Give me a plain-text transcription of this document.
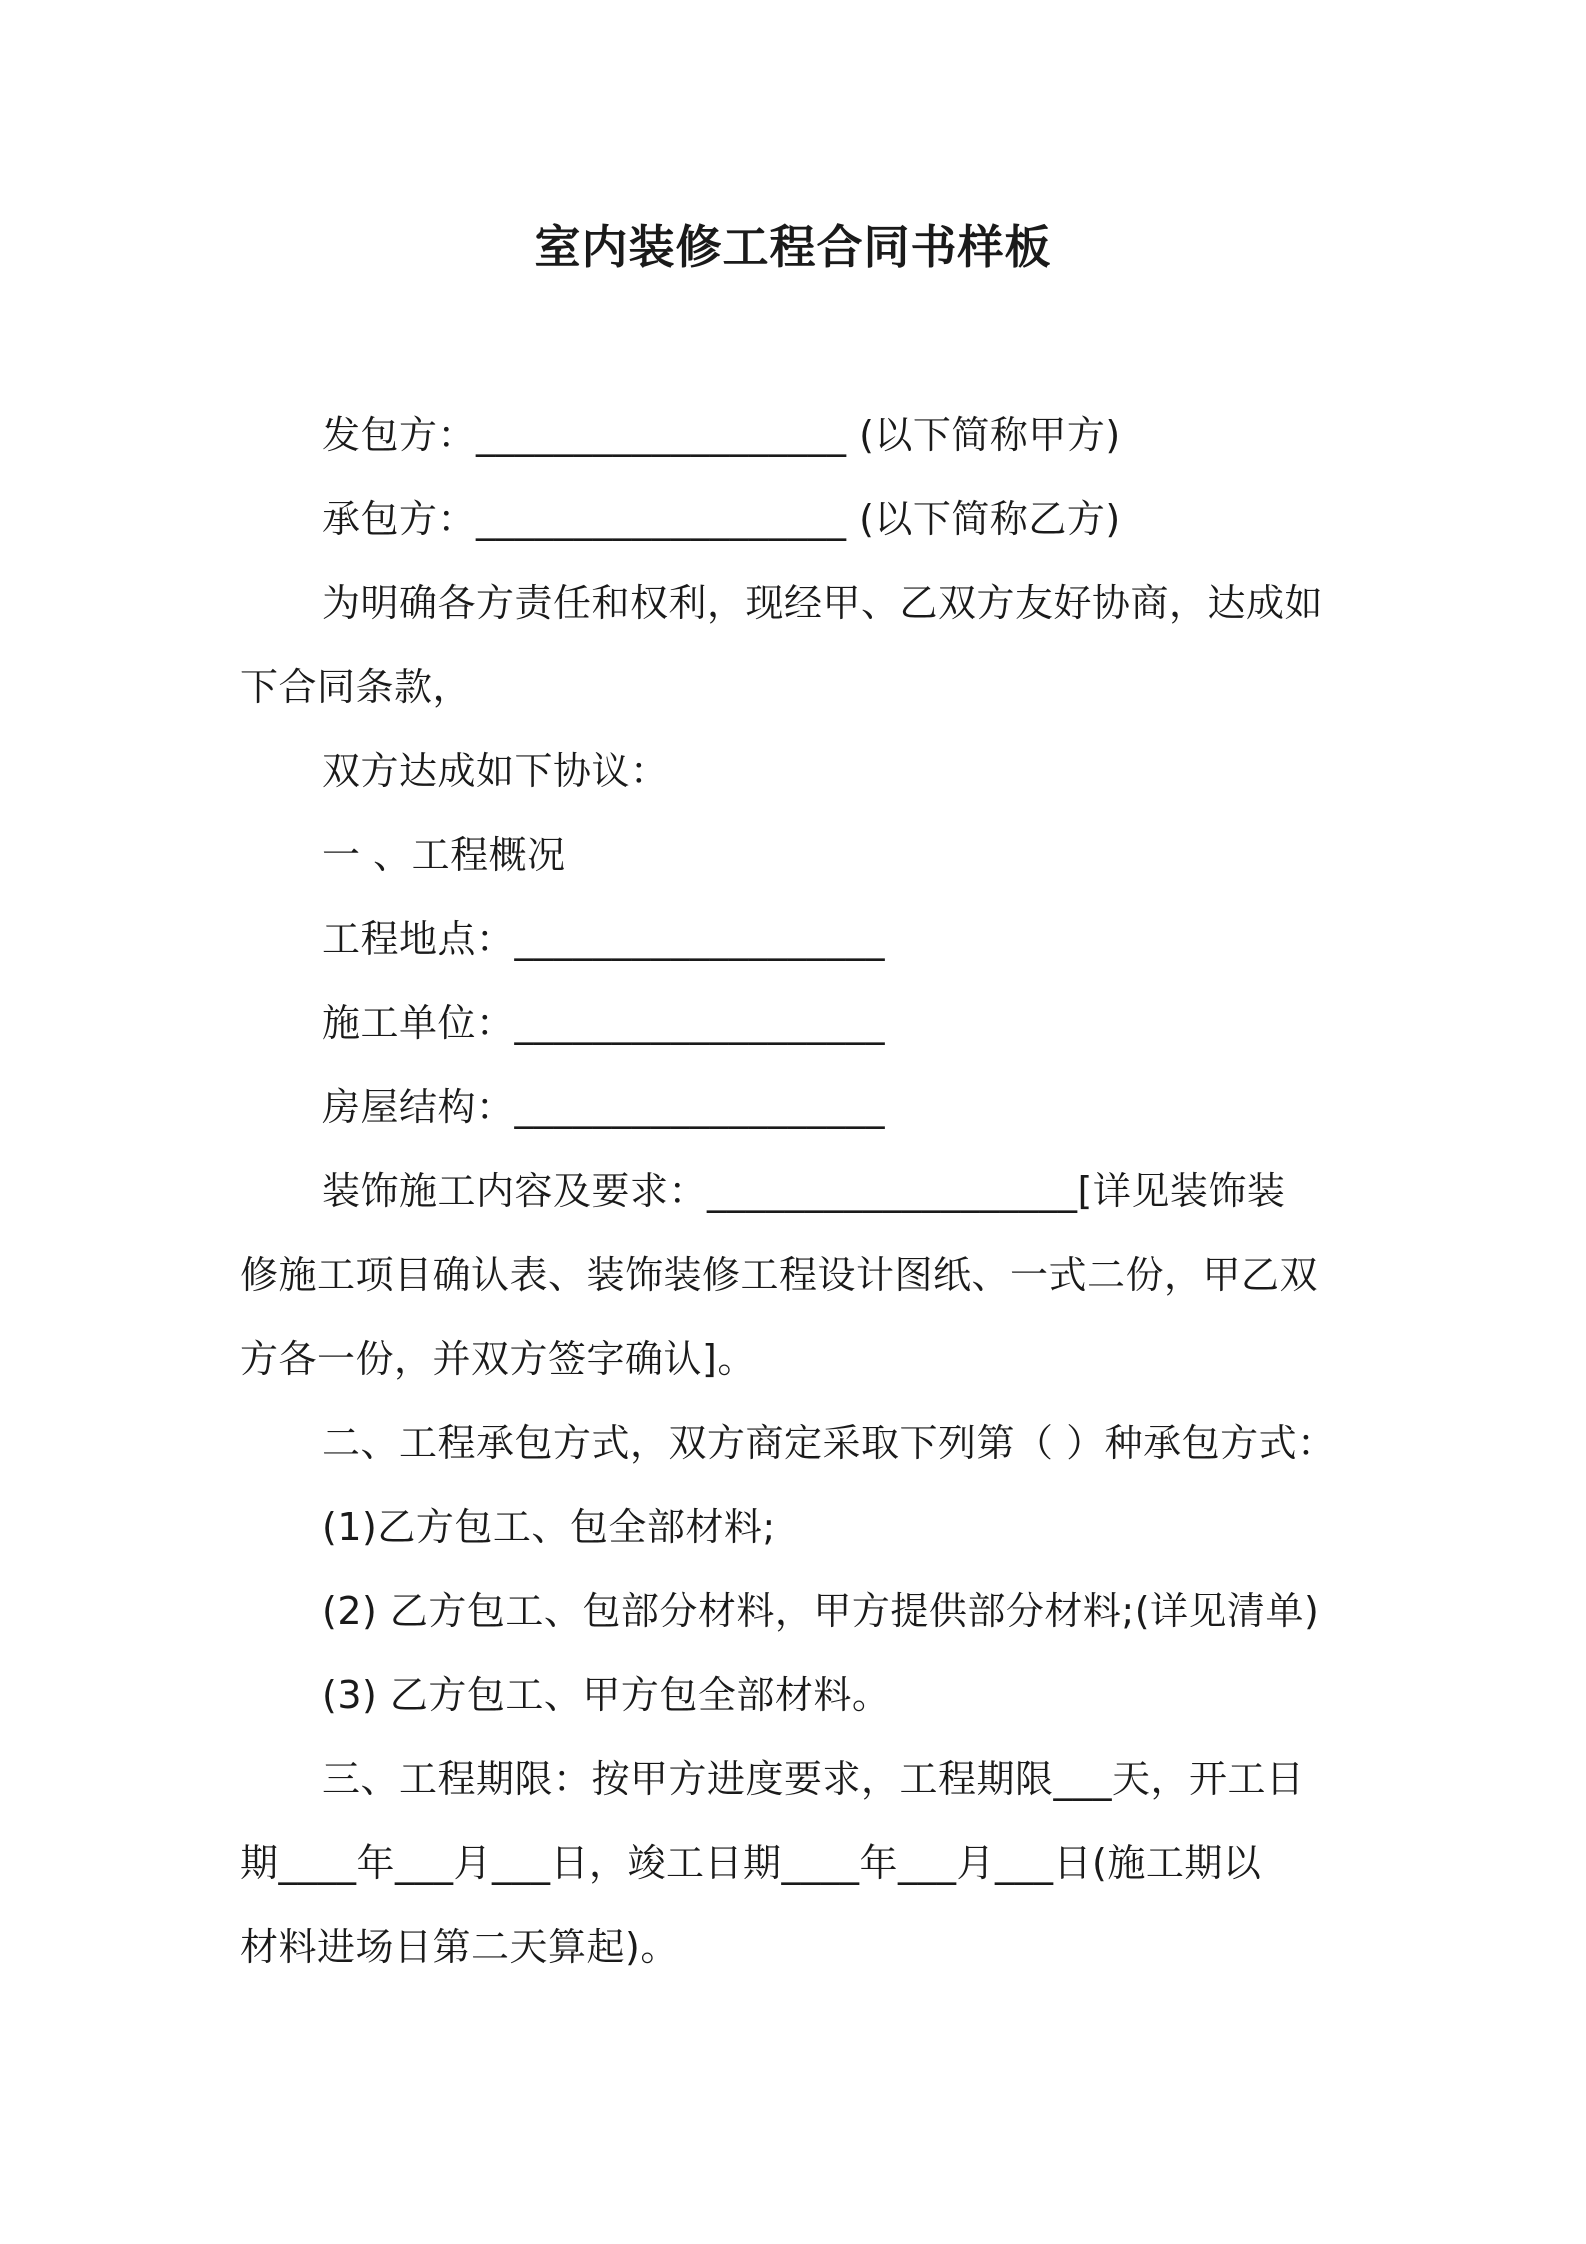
室内装修工程合同书样板
发包方：___________________ (以下简称甲方)
承包方：___________________ (以下简称乙方)
为明确各方责任和权利，现经甲、乙双方友好协商，达成如
下合同条款，
双方达成如下协议：
一 、工程概况
工程地点：___________________
施工单位：___________________
房屋结构：___________________
装饰施工内容及要求：___________________[详见装饰装
修施工项目确认表、装饰装修工程设计图纸、一式二份，甲乙双
方各一份，并双方签字确认]。
二、工程承包方式，双方商定采取下列第（ ）种承包方式：
(1)乙方包工、包全部材料;
(2) 乙方包工、包部分材料，甲方提供部分材料;(详见清单)
(3) 乙方包工、甲方包全部材料。
三、工程期限：按甲方进度要求，工程期限___天，开工日
期____年___月___日，竣工日期____年___月___日(施工期以
材料进场日第二天算起)。
